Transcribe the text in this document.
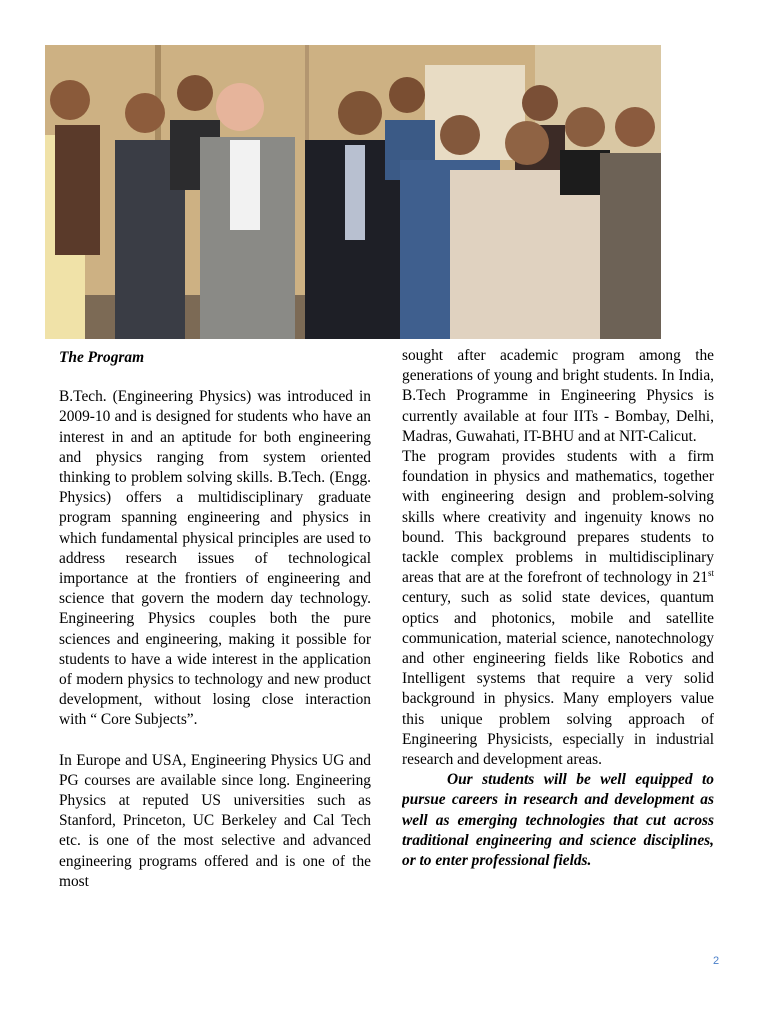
The Program

B.Tech. (Engineering Physics) was introduced in 2009-10 and is designed for students who have an interest in and an aptitude for both engineering and physics ranging from system oriented thinking to problem solving skills. B.Tech. (Engg. Physics) offers a multidisciplinary graduate program spanning engineering and physics in which fundamental physical principles are used to address research issues of technological importance at the frontiers of engineering and science that govern the modern day technology. Engineering Physics couples both the pure sciences and engineering, making it possible for students to have a wide interest in the application of modern physics to technology and new product development, without losing close interaction with “ Core Subjects”.

In Europe and USA, Engineering Physics UG and PG courses are available since long. Engineering Physics at reputed US universities such as Stanford, Princeton, UC Berkeley and Cal Tech etc. is one of the most selective and advanced engineering programs offered and is one of the most

sought after academic program among the generations of young and bright students. In India, B.Tech Programme in Engineering Physics is currently available at four IITs - Bombay, Delhi, Madras, Guwahati, IT-BHU and at NIT-Calicut.

The program provides students with a firm foundation in physics and mathematics, together with engineering design and problem-solving skills where creativity and ingenuity knows no bound. This background prepares students to tackle complex problems in multidisciplinary areas that are at the forefront of technology in 21st century, such as solid state devices, quantum optics and photonics, mobile and satellite communication, material science, nanotechnology and other engineering fields like Robotics and Intelligent systems that require a very solid background in physics. Many employers value this unique problem solving approach of Engineering Physicists, especially in industrial research and development areas.

Our students will be well equipped to pursue careers in research and development as well as emerging technologies that cut across traditional engineering and science disciplines, or to enter professional fields.

2
